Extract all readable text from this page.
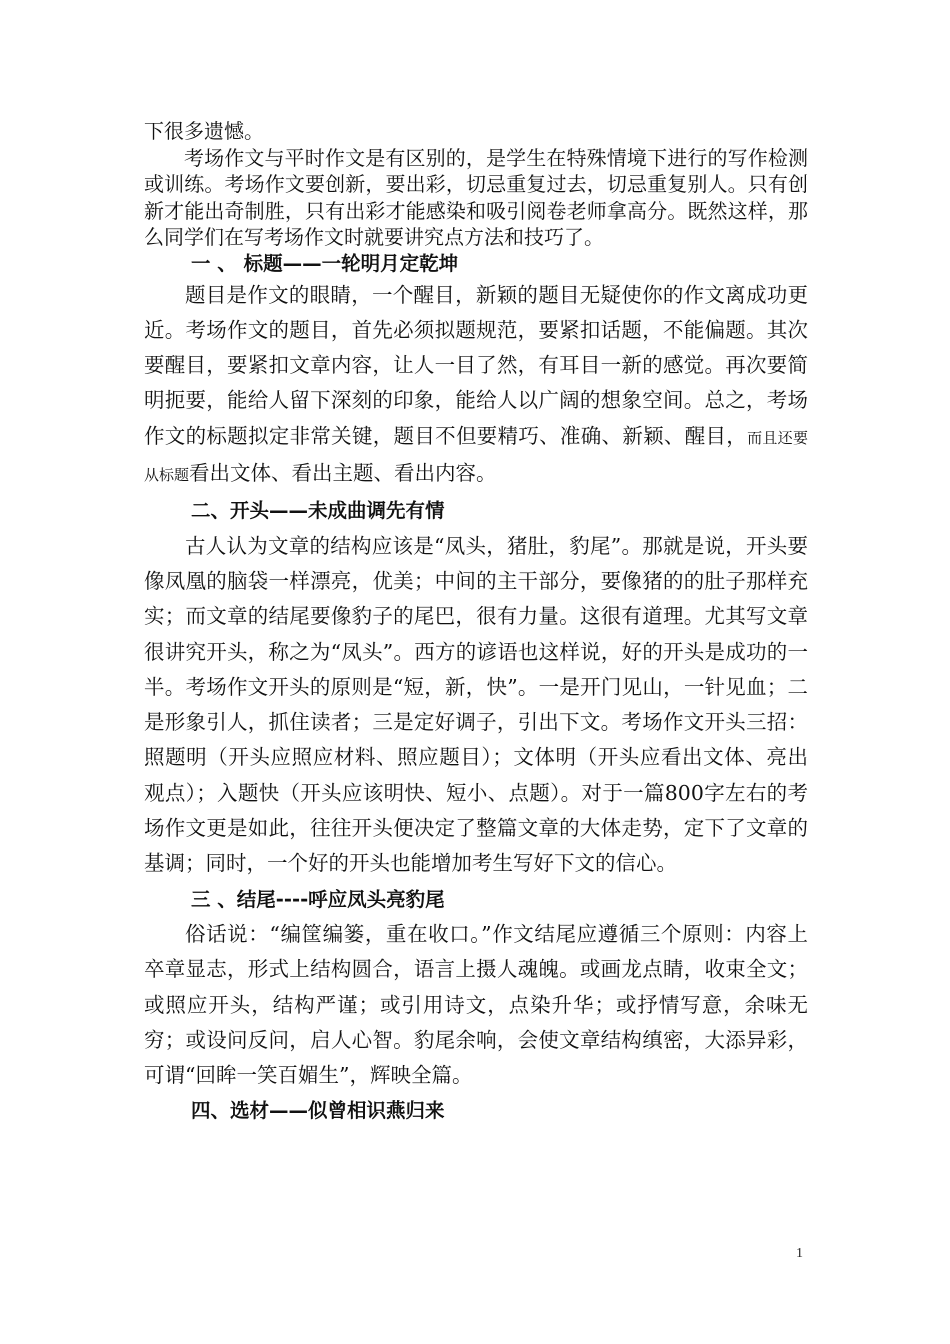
下很多遗憾。

考场作文与平时作文是有区别的，是学生在特殊情境下进行的写作检测或训练。考场作文要创新，要出彩，切忌重复过去，切忌重复别人。只有创新才能出奇制胜，只有出彩才能感染和吸引阅卷老师拿高分。既然这样，那么同学们在写考场作文时就要讲究点方法和技巧了。

一 、 标题——一轮明月定乾坤

题目是作文的眼睛，一个醒目，新颖的题目无疑使你的作文离成功更近。考场作文的题目，首先必须拟题规范，要紧扣话题，不能偏题。其次要醒目，要紧扣文章内容，让人一目了然，有耳目一新的感觉。再次要简明扼要，能给人留下深刻的印象，能给人以广阔的想象空间。总之，考场作文的标题拟定非常关键，题目不但要精巧、准确、新颖、醒目，而且还要从标题看出文体、看出主题、看出内容。

二、开头——未成曲调先有情

古人认为文章的结构应该是“凤头，猪肚，豹尾”。那就是说，开头要像凤凰的脑袋一样漂亮，优美；中间的主干部分，要像猪的的肚子那样充实；而文章的结尾要像豹子的尾巴，很有力量。这很有道理。尤其写文章很讲究开头，称之为“凤头”。西方的谚语也这样说，好的开头是成功的一半。考场作文开头的原则是“短，新，快”。一是开门见山，一针见血；二是形象引人，抓住读者；三是定好调子，引出下文。考场作文开头三招：照题明（开头应照应材料、照应题目）；文体明（开头应看出文体、亮出观点）；入题快（开头应该明快、短小、点题）。对于一篇800字左右的考场作文更是如此，往往开头便决定了整篇文章的大体走势，定下了文章的基调；同时，一个好的开头也能增加考生写好下文的信心。

三 、结尾----呼应凤头亮豹尾

俗话说：“编筐编篓，重在收口。”作文结尾应遵循三个原则：内容上卒章显志，形式上结构圆合，语言上摄人魂魄。或画龙点睛，收束全文；或照应开头，结构严谨；或引用诗文，点染升华；或抒情写意，余味无穷；或设问反问，启人心智。豹尾余响，会使文章结构缜密，大添异彩，可谓“回眸一笑百媚生”，辉映全篇。

四、选材——似曾相识燕归来

1
